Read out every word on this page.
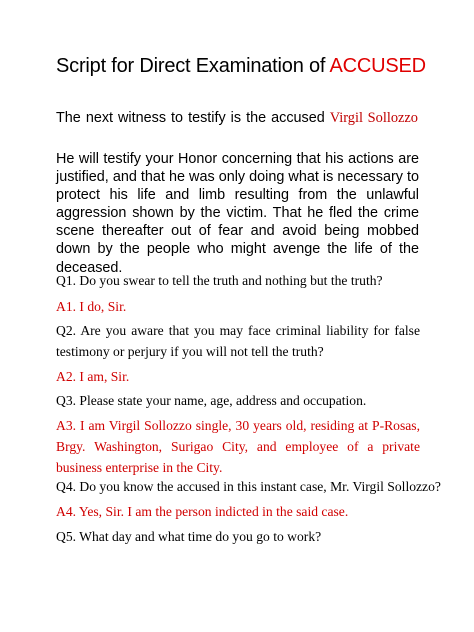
Script for Direct Examination of ACCUSED

The next witness to testify is the accused Virgil Sollozzo

He will testify your Honor concerning that his actions are justified, and that he was only doing what is necessary to protect his life and limb resulting from the unlawful aggression shown by the victim. That he fled the crime scene thereafter out of fear and avoid being mobbed down by the people who might avenge the life of the deceased.

Q1. Do you swear to tell the truth and nothing but the truth?

A1. I do, Sir.

Q2. Are you aware that you may face criminal liability for false testimony or perjury if you will not tell the truth?

A2. I am, Sir.

Q3. Please state your name, age, address and occupation.

A3. I am Virgil Sollozzo single, 30 years old, residing at P-Rosas, Brgy. Washington, Surigao City, and employee of a private business enterprise in the City.

Q4. Do you know the accused in this instant case, Mr. Virgil Sollozzo?

A4. Yes, Sir. I am the person indicted in the said case.

Q5. What day and what time do you go to work?
